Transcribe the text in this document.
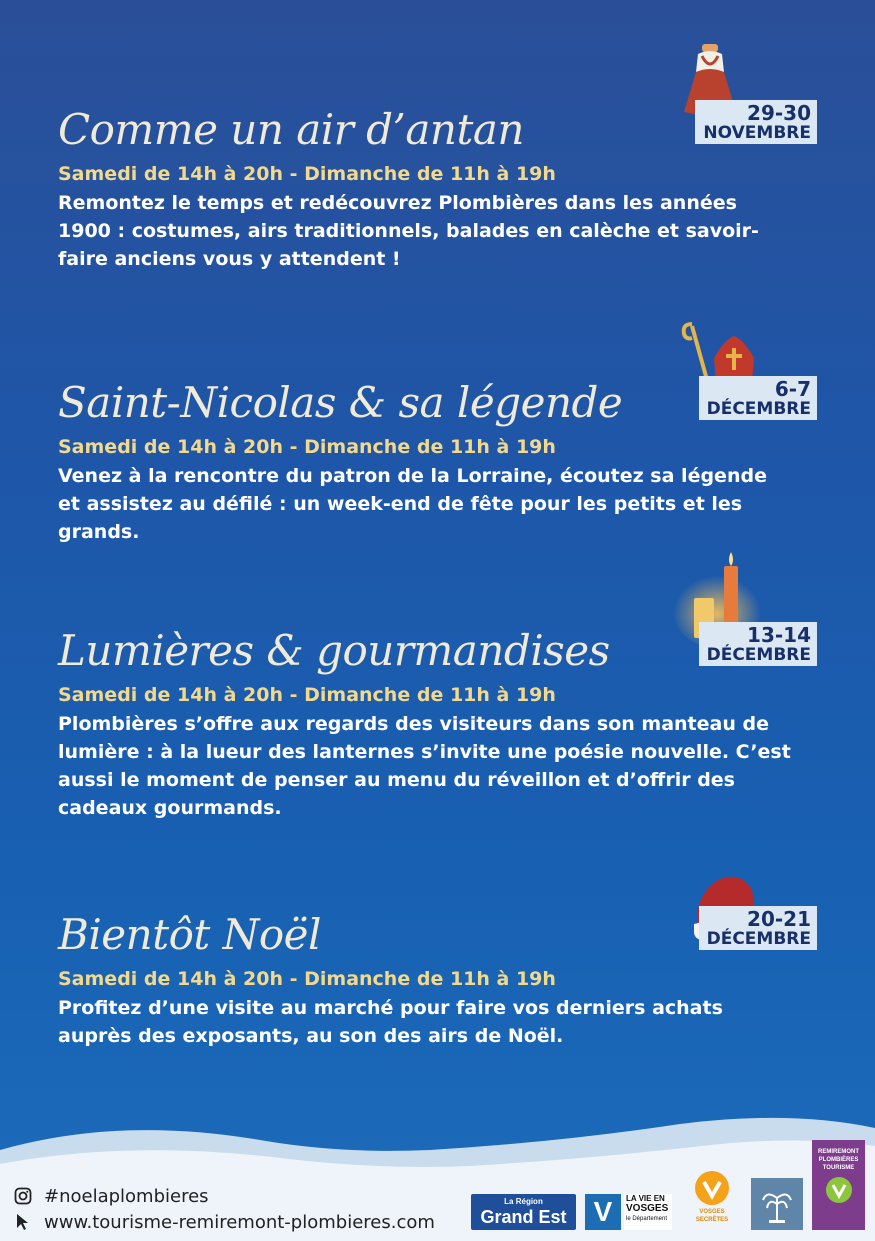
29-30
NOVEMBRE
Comme un air d’antan
Samedi de 14h à 20h - Dimanche de 11h à 19h
Remontez le temps et redécouvrez Plombières dans les années 1900 : costumes, airs traditionnels, balades en calèche et savoir-faire anciens vous y attendent !
6-7
DÉCEMBRE
Saint-Nicolas & sa légende
Samedi de 14h à 20h - Dimanche de 11h à 19h
Venez à la rencontre du patron de la Lorraine, écoutez sa légende et assistez au défilé : un week-end de fête pour les petits et les grands.
13-14
DÉCEMBRE
Lumières & gourmandises
Samedi de 14h à 20h - Dimanche de 11h à 19h
Plombières s’offre aux regards des visiteurs dans son manteau de lumière : à la lueur des lanternes s’invite une poésie nouvelle. C’est aussi le moment de penser au menu du réveillon et d’offrir des cadeaux gourmands.
20-21
DÉCEMBRE
Bientôt Noël
Samedi de 14h à 20h - Dimanche de 11h à 19h
Profitez d’une visite au marché pour faire vos derniers achats auprès des exposants, au son des airs de Noël.
#noelaplombieres
www.tourisme-remiremont-plombieres.com
La Région
Grand Est V	LA VIE EN
VOSGES
le Département
VOSGES SECRÈTES
REMIREMONT
PLOMBIÈRES
TOURISME
